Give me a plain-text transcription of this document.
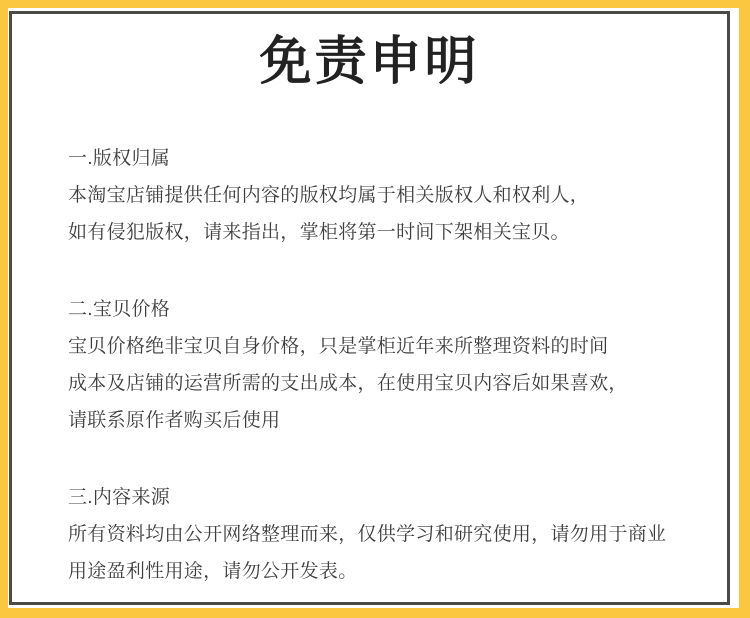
免责申明
一.版权归属
本淘宝店铺提供任何内容的版权均属于相关版权人和权利人，
如有侵犯版权，请来指出，掌柜将第一时间下架相关宝贝。
二.宝贝价格
宝贝价格绝非宝贝自身价格，只是掌柜近年来所整理资料的时间
成本及店铺的运营所需的支出成本，在使用宝贝内容后如果喜欢，
请联系原作者购买后使用
三.内容来源
所有资料均由公开网络整理而来，仅供学习和研究使用，请勿用于商业
用途盈利性用途，请勿公开发表。
